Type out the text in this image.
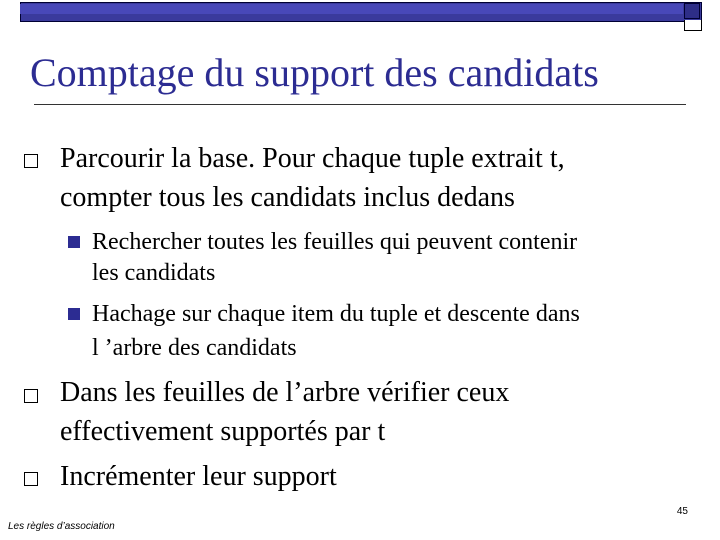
Comptage du support des candidats
Parcourir la base. Pour chaque tuple extrait t,
compter tous les candidats inclus dedans
Rechercher toutes les feuilles qui peuvent contenir
les candidats
Hachage sur chaque item du tuple et descente dans
l ’arbre des candidats
Dans les feuilles de l’arbre vérifier ceux
effectivement supportés par t
Incrémenter leur support
45
Les règles d’association
